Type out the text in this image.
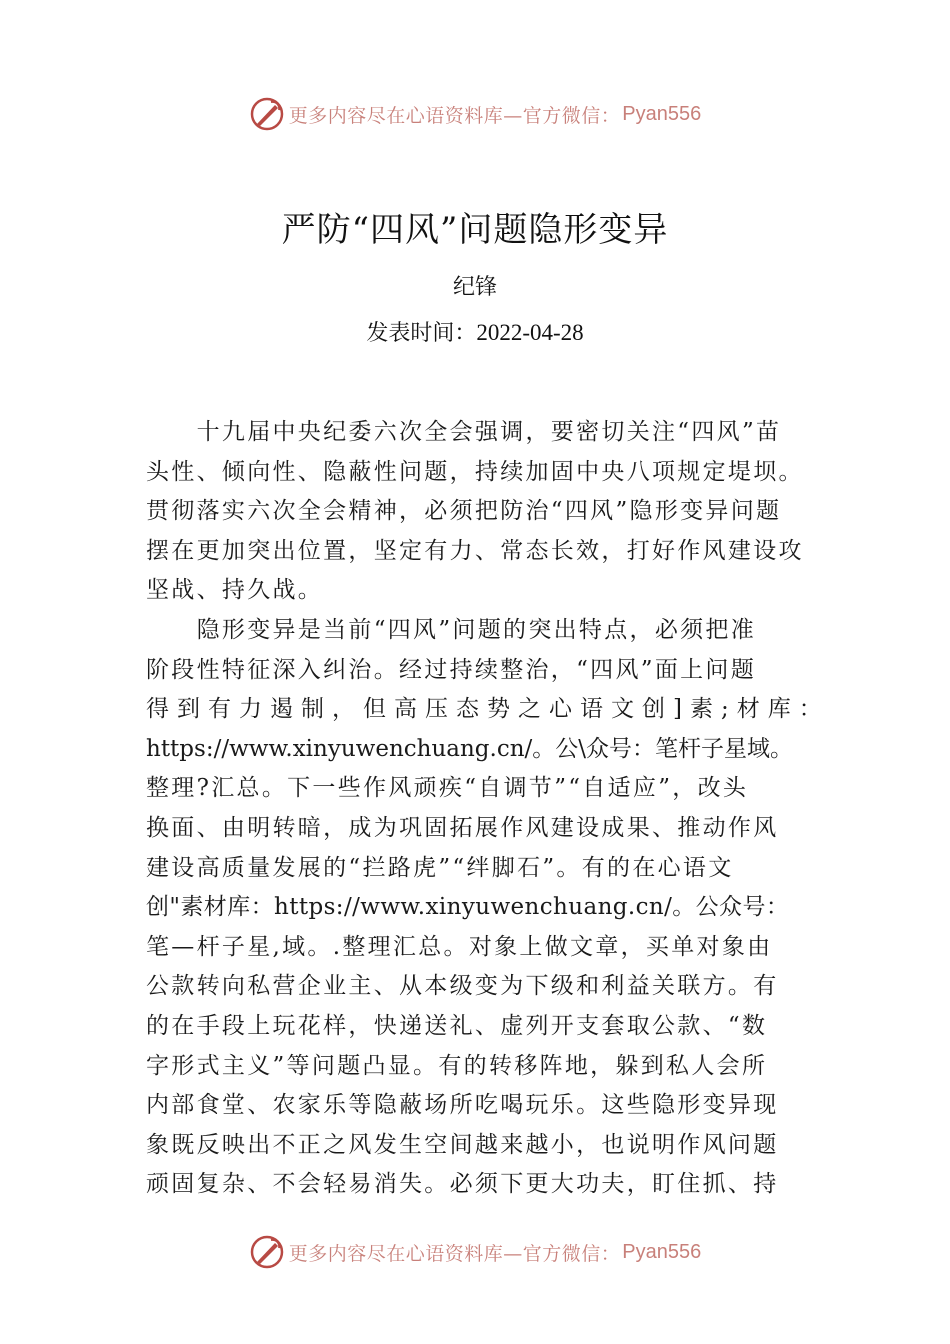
更多内容尽在心语资料库—官方微信： Pyan556
严防“四风”问题隐形变异
纪锋
发表时间：2022-04-28
　　十九届中央纪委六次全会强调，要密切关注“四风”苗
头性、倾向性、隐蔽性问题，持续加固中央八项规定堤坝。
贯彻落实六次全会精神，必须把防治“四风”隐形变异问题
摆在更加突出位置，坚定有力、常态长效，打好作风建设攻
坚战、持久战。
　　隐形变异是当前“四风”问题的突出特点，必须把准
阶段性特征深入纠治。经过持续整治，“四风”面上问题
得到有力遏制，但高压态势之心语文创]素;材库：
https://www.xinyuwenchuang.cn/。公\众号：笔杆子星域。
整理?汇总。下一些作风顽疾“自调节”“自适应”，改头
换面、由明转暗，成为巩固拓展作风建设成果、推动作风
建设高质量发展的“拦路虎”“绊脚石”。有的在心语文
创"素材库：https://www.xinyuwenchuang.cn/。公众号：
笔—杆子星,域。.整理汇总。对象上做文章，买单对象由
公款转向私营企业主、从本级变为下级和利益关联方。有
的在手段上玩花样，快递送礼、虚列开支套取公款、“数
字形式主义”等问题凸显。有的转移阵地，躲到私人会所
内部食堂、农家乐等隐蔽场所吃喝玩乐。这些隐形变异现
象既反映出不正之风发生空间越来越小，也说明作风问题
顽固复杂、不会轻易消失。必须下更大功夫，盯住抓、持
更多内容尽在心语资料库—官方微信： Pyan556
